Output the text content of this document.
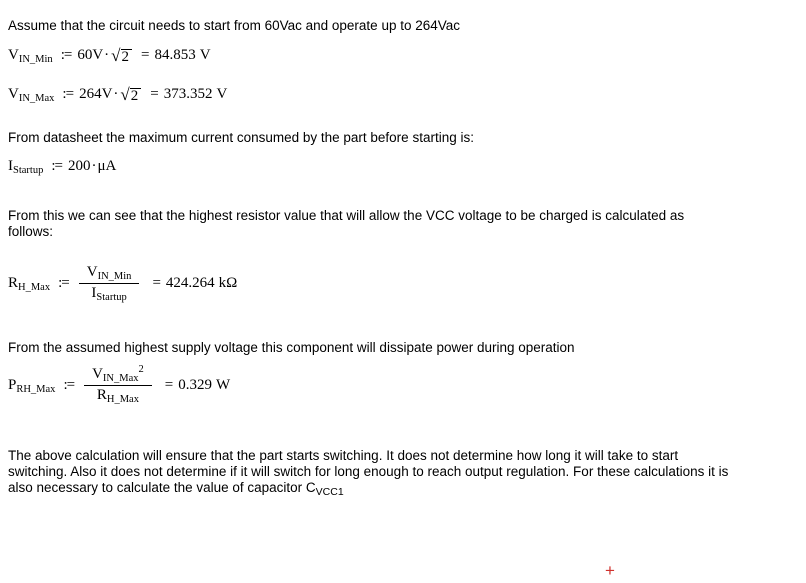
Assume that the circuit needs to start from 60Vac and operate up to 264Vac
V IN_Min := 60 V · √ 2 = 84.853 V
V IN_Max := 264 V · √ 2 = 373.352 V
From datasheet the maximum current consumed by the part before starting is:
I Startup := 200 · μA
From this we can see that the highest resistor value that will allow the VCC voltage to be charged is calculated as follows:
R H_Max := $\frac{\text{V IN\_Min}}{\text{I Startup}} = 424.264$ kΩ
From the assumed highest supply voltage this component will dissipate power during operation
P RH_Max := V IN_Max
2
R H_Max = 0.329 W
The above calculation will ensure that the part starts switching. It does not determine how long it will take to start switching. Also it does not determine if it will switch for long enough to reach output regulation. For these calculations it is also necessary to calculate the value of capacitor $C_{VCC1}$
+
